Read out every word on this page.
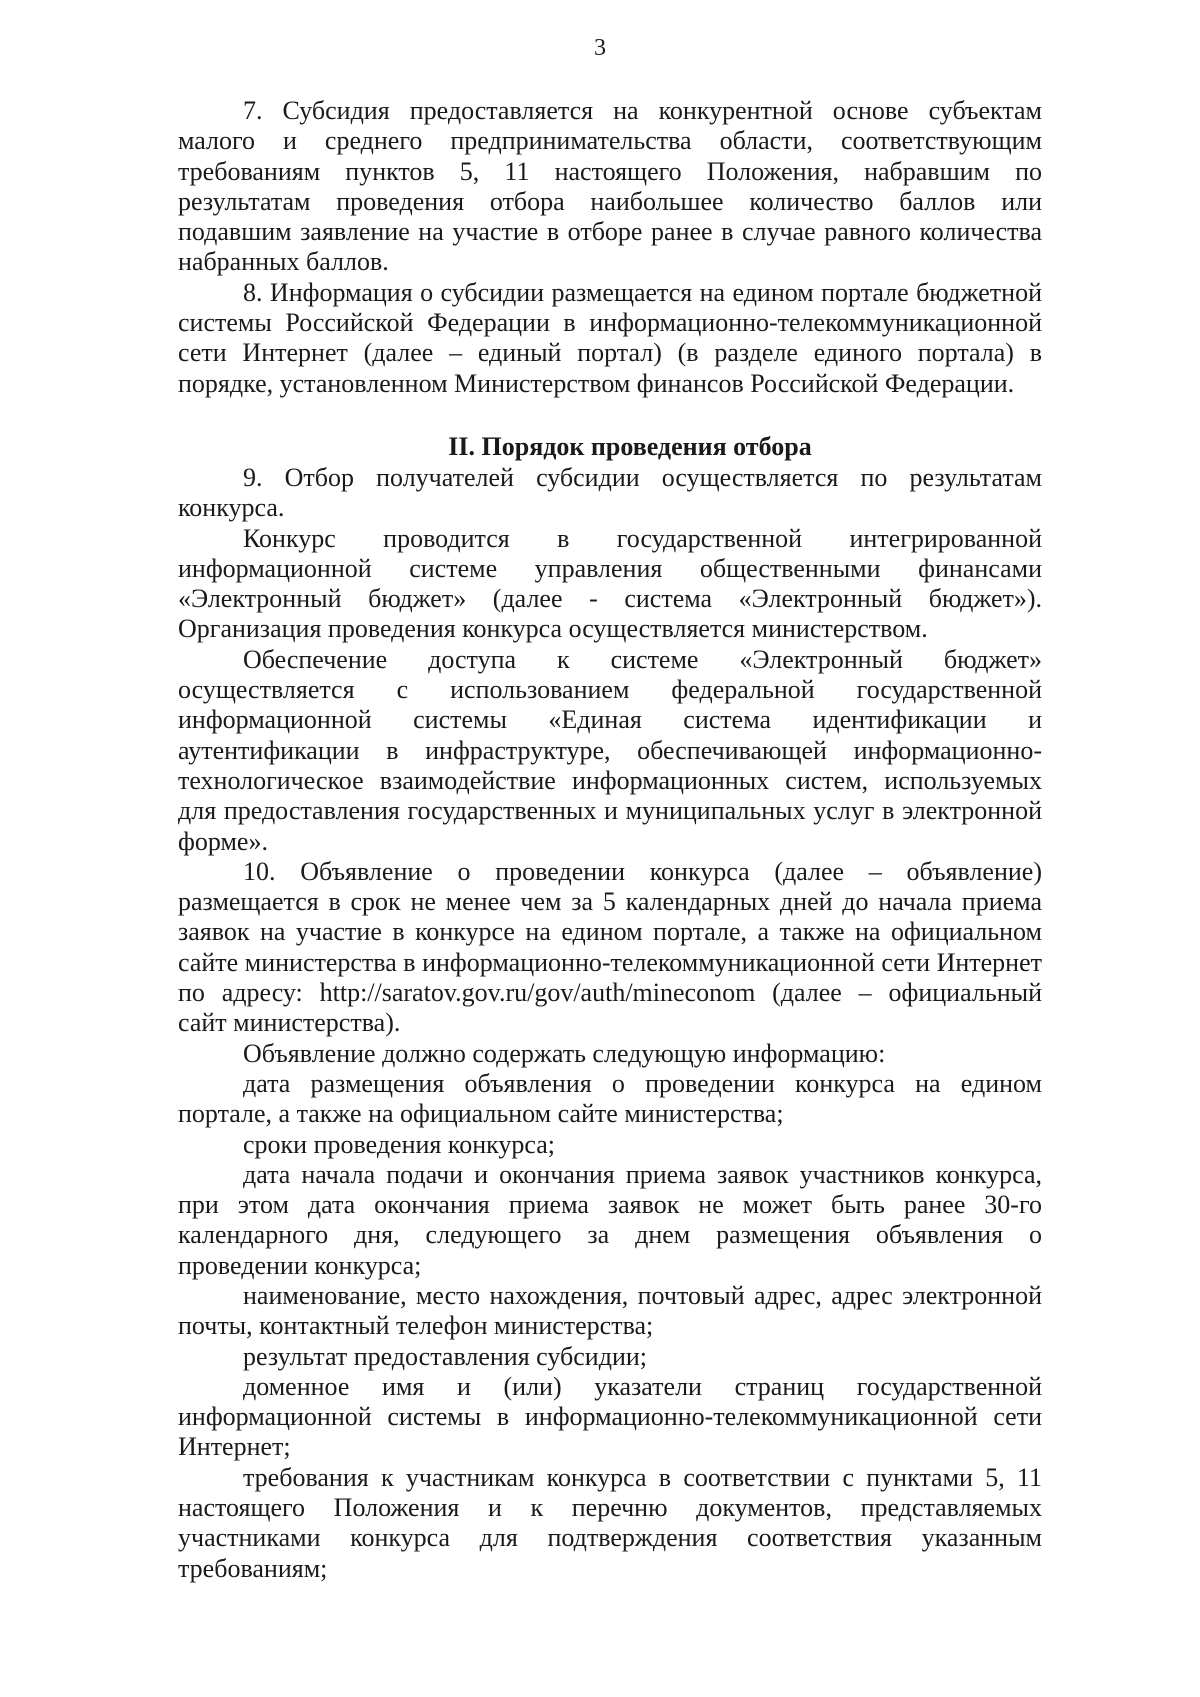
3

7. Субсидия предоставляется на конкурентной основе субъектам малого и среднего предпринимательства области, соответствующим требованиям пунктов 5, 11 настоящего Положения, набравшим по результатам проведения отбора наибольшее количество баллов или подавшим заявление на участие в отборе ранее в случае равного количества набранных баллов.

8. Информация о субсидии размещается на едином портале бюджетной системы Российской Федерации в информационно-телекоммуникационной сети Интернет (далее – единый портал) (в разделе единого портала) в порядке, установленном Министерством финансов Российской Федерации.

II. Порядок проведения отбора

9. Отбор получателей субсидии осуществляется по результатам конкурса.

Конкурс проводится в государственной интегрированной информационной системе управления общественными финансами «Электронный бюджет» (далее - система «Электронный бюджет»). Организация проведения конкурса осуществляется министерством.

Обеспечение доступа к системе «Электронный бюджет» осуществляется с использованием федеральной государственной информационной системы «Единая система идентификации и аутентификации в инфраструктуре, обеспечивающей информационно-технологическое взаимодействие информационных систем, используемых для предоставления государственных и муниципальных услуг в электронной форме».

10. Объявление о проведении конкурса (далее – объявление) размещается в срок не менее чем за 5 календарных дней до начала приема заявок на участие в конкурсе на едином портале, а также на официальном сайте министерства в информационно-телекоммуникационной сети Интернет по адресу: http://saratov.gov.ru/gov/auth/mineconom (далее – официальный сайт министерства).

Объявление должно содержать следующую информацию:

дата размещения объявления о проведении конкурса на едином портале, а также на официальном сайте министерства;

сроки проведения конкурса;

дата начала подачи и окончания приема заявок участников конкурса, при этом дата окончания приема заявок не может быть ранее 30-го календарного дня, следующего за днем размещения объявления о проведении конкурса;

наименование, место нахождения, почтовый адрес, адрес электронной почты, контактный телефон министерства;

результат предоставления субсидии;

доменное имя и (или) указатели страниц государственной информационной системы в информационно-телекоммуникационной сети Интернет;

требования к участникам конкурса в соответствии с пунктами 5, 11 настоящего Положения и к перечню документов, представляемых участниками конкурса для подтверждения соответствия указанным требованиям;
